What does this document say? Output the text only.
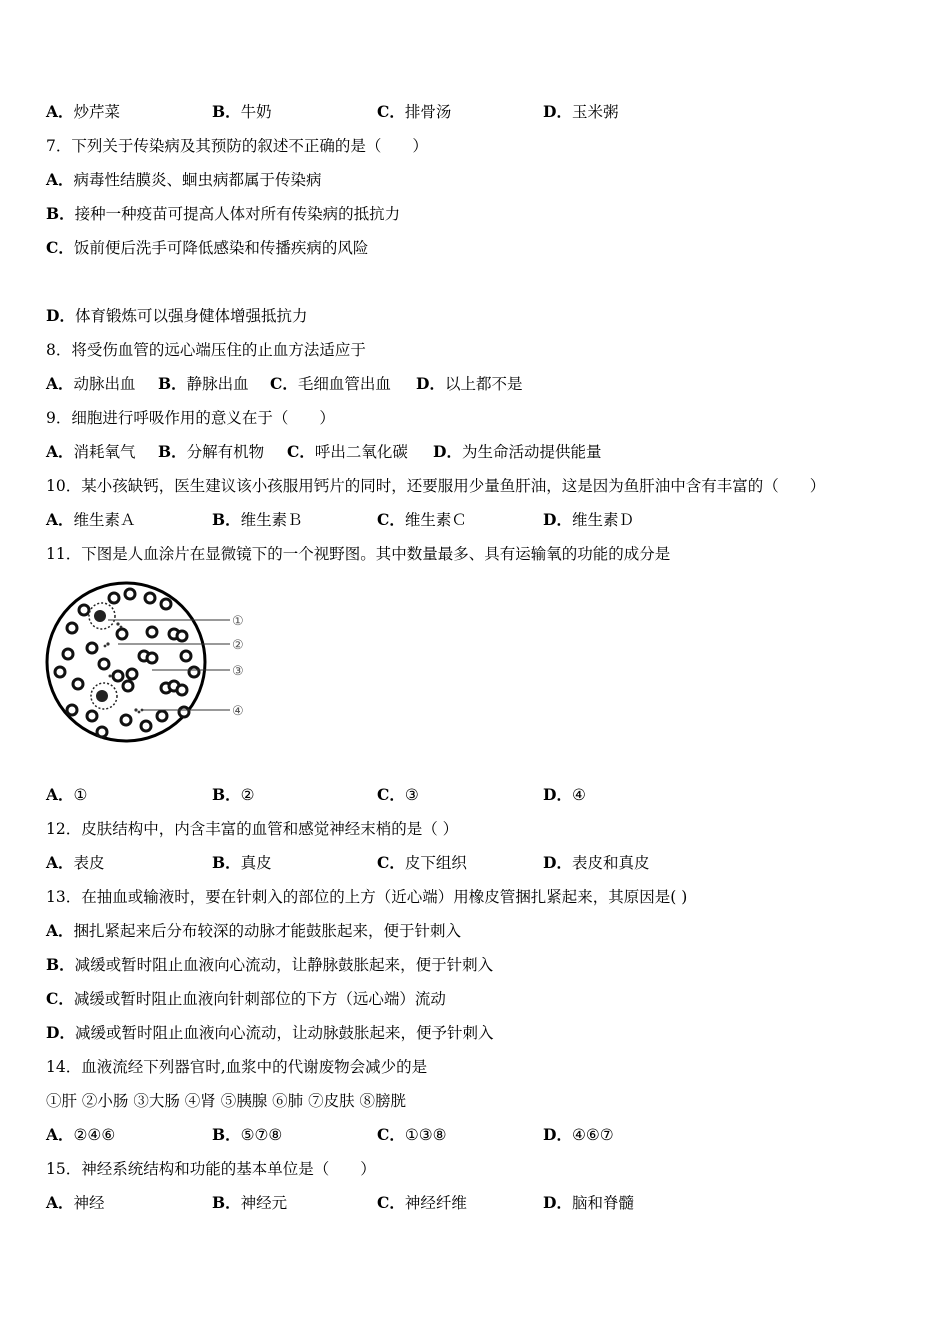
A．炒芹菜	B．牛奶	C．排骨汤	D．玉米粥
7．下列关于传染病及其预防的叙述不正确的是（　　）
A．病毒性结膜炎、蛔虫病都属于传染病
B．接种一种疫苗可提高人体对所有传染病的抵抗力
C．饭前便后洗手可降低感染和传播疾病的风险
D．体育锻炼可以强身健体增强抵抗力
8．将受伤血管的远心端压住的止血方法适应于
A．动脉出血 B．静脉出血 C．毛细血管出血 D．以上都不是
9．细胞进行呼吸作用的意义在于（　　）
A．消耗氧气 B．分解有机物 C．呼出二氧化碳 D．为生命活动提供能量
10．某小孩缺钙，医生建议该小孩服用钙片的同时，还要服用少量鱼肝油，这是因为鱼肝油中含有丰富的（　　）
A．维生素Ａ	B．维生素Ｂ	C．维生素Ｃ	D．维生素Ｄ
11．下图是人血涂片在显微镜下的一个视野图。其中数量最多、具有运输氧的功能的成分是
①
②
③
④
A．①	B．②	C．③	D．④
12．皮肤结构中，内含丰富的血管和感觉神经末梢的是（ ）
A．表皮	B．真皮	C．皮下组织	D．表皮和真皮
13．在抽血或输液时，要在针刺入的部位的上方（近心端）用橡皮管捆扎紧起来，其原因是( )
A．捆扎紧起来后分布较深的动脉才能鼓胀起来，便于针刺入
B．减缓或暂时阻止血液向心流动，让静脉鼓胀起来，便于针刺入
C．减缓或暂时阻止血液向针刺部位的下方（远心端）流动
D．减缓或暂时阻止血液向心流动，让动脉鼓胀起来，便予针刺入
14．血液流经下列器官时,血浆中的代谢废物会减少的是
①肝 ②小肠 ③大肠 ④肾 ⑤胰腺 ⑥肺 ⑦皮肤 ⑧膀胱
A．②④⑥	B．⑤⑦⑧	C．①③⑧	D．④⑥⑦
15．神经系统结构和功能的基本单位是（　　）
A．神经	B．神经元	C．神经纤维	D．脑和脊髓
